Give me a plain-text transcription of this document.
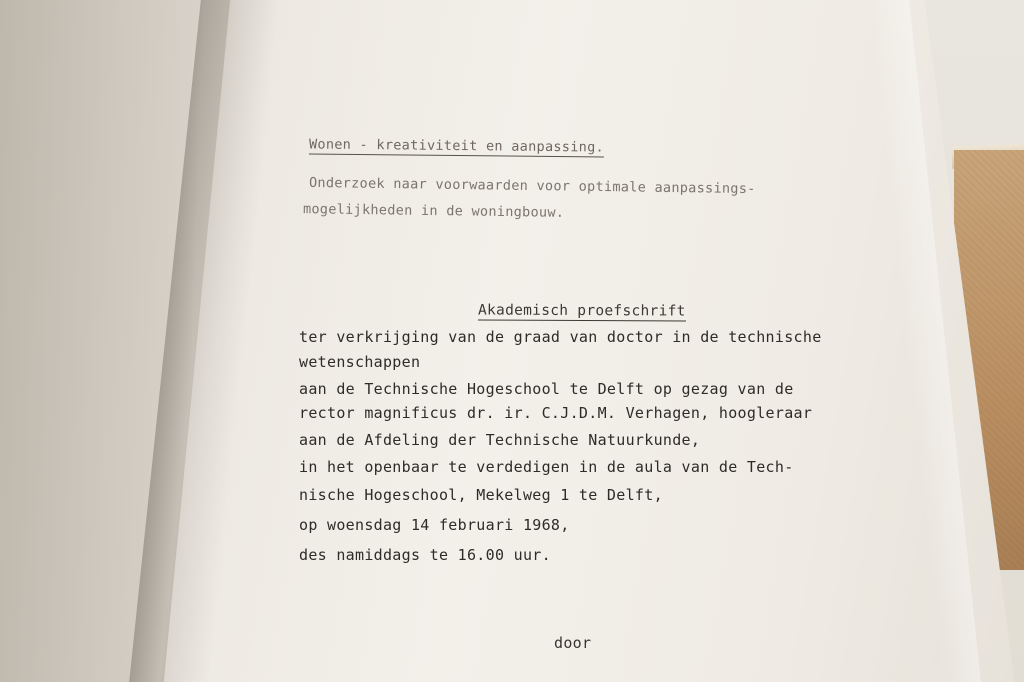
Wonen - kreativiteit en aanpassing.
Onderzoek naar voorwaarden voor optimale aanpassings-
mogelijkheden in de woningbouw.
Akademisch proefschrift
ter verkrijging van de graad van doctor in de technische
wetenschappen
aan de Technische Hogeschool te Delft op gezag van de
rector magnificus dr. ir. C.J.D.M. Verhagen, hoogleraar
aan de Afdeling der Technische Natuurkunde,
in het openbaar te verdedigen in de aula van de Tech-
nische Hogeschool, Mekelweg 1 te Delft,
op woensdag 14 februari 1968,
des namiddags te 16.00 uur.
door
